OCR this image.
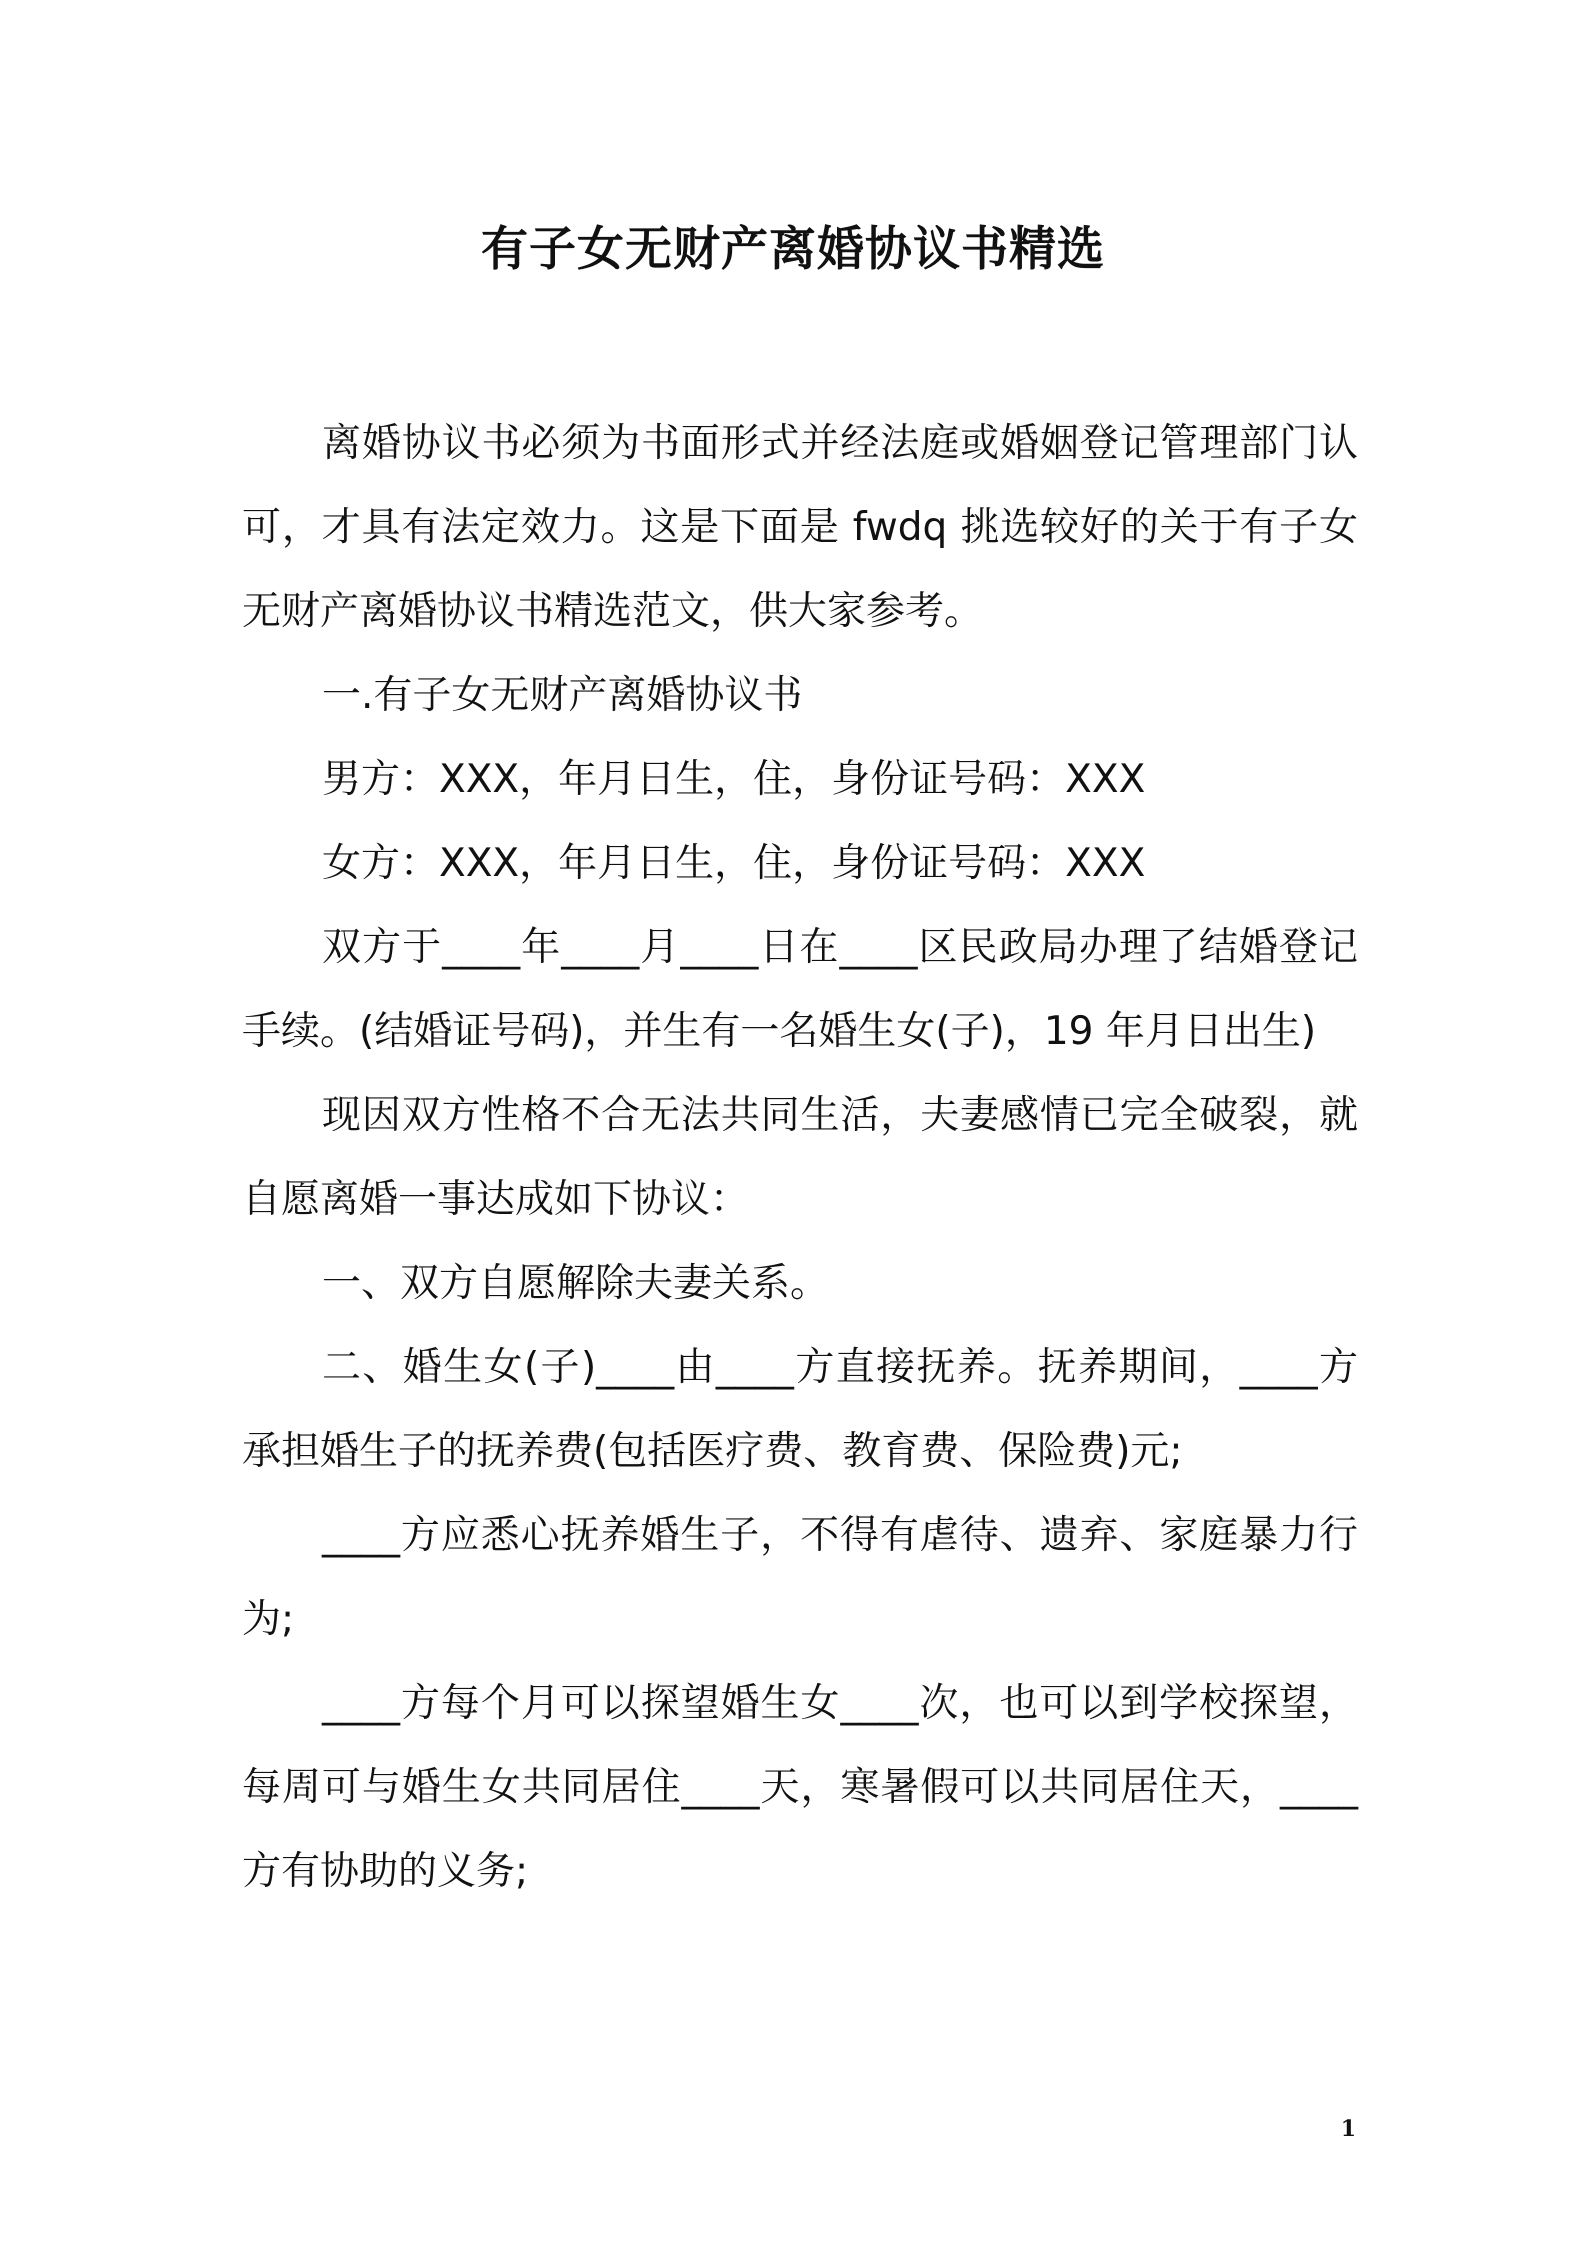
有子女无财产离婚协议书精选

离婚协议书必须为书面形式并经法庭或婚姻登记管理部门认可，才具有法定效力。这是下面是 fwdq 挑选较好的关于有子女无财产离婚协议书精选范文，供大家参考。

一.有子女无财产离婚协议书

男方：XXX，年月日生，住，身份证号码：XXX

女方：XXX，年月日生，住，身份证号码：XXX

双方于____年____月____日在____区民政局办理了结婚登记手续。(结婚证号码)，并生有一名婚生女(子)，19 年月日出生)

现因双方性格不合无法共同生活，夫妻感情已完全破裂，就自愿离婚一事达成如下协议：

一、双方自愿解除夫妻关系。

二、婚生女(子)____由____方直接抚养。抚养期间，____方承担婚生子的抚养费(包括医疗费、教育费、保险费)元;

____方应悉心抚养婚生子，不得有虐待、遗弃、家庭暴力行为;

____方每个月可以探望婚生女____次，也可以到学校探望，每周可与婚生女共同居住____天，寒暑假可以共同居住天，____方有协助的义务;

1
